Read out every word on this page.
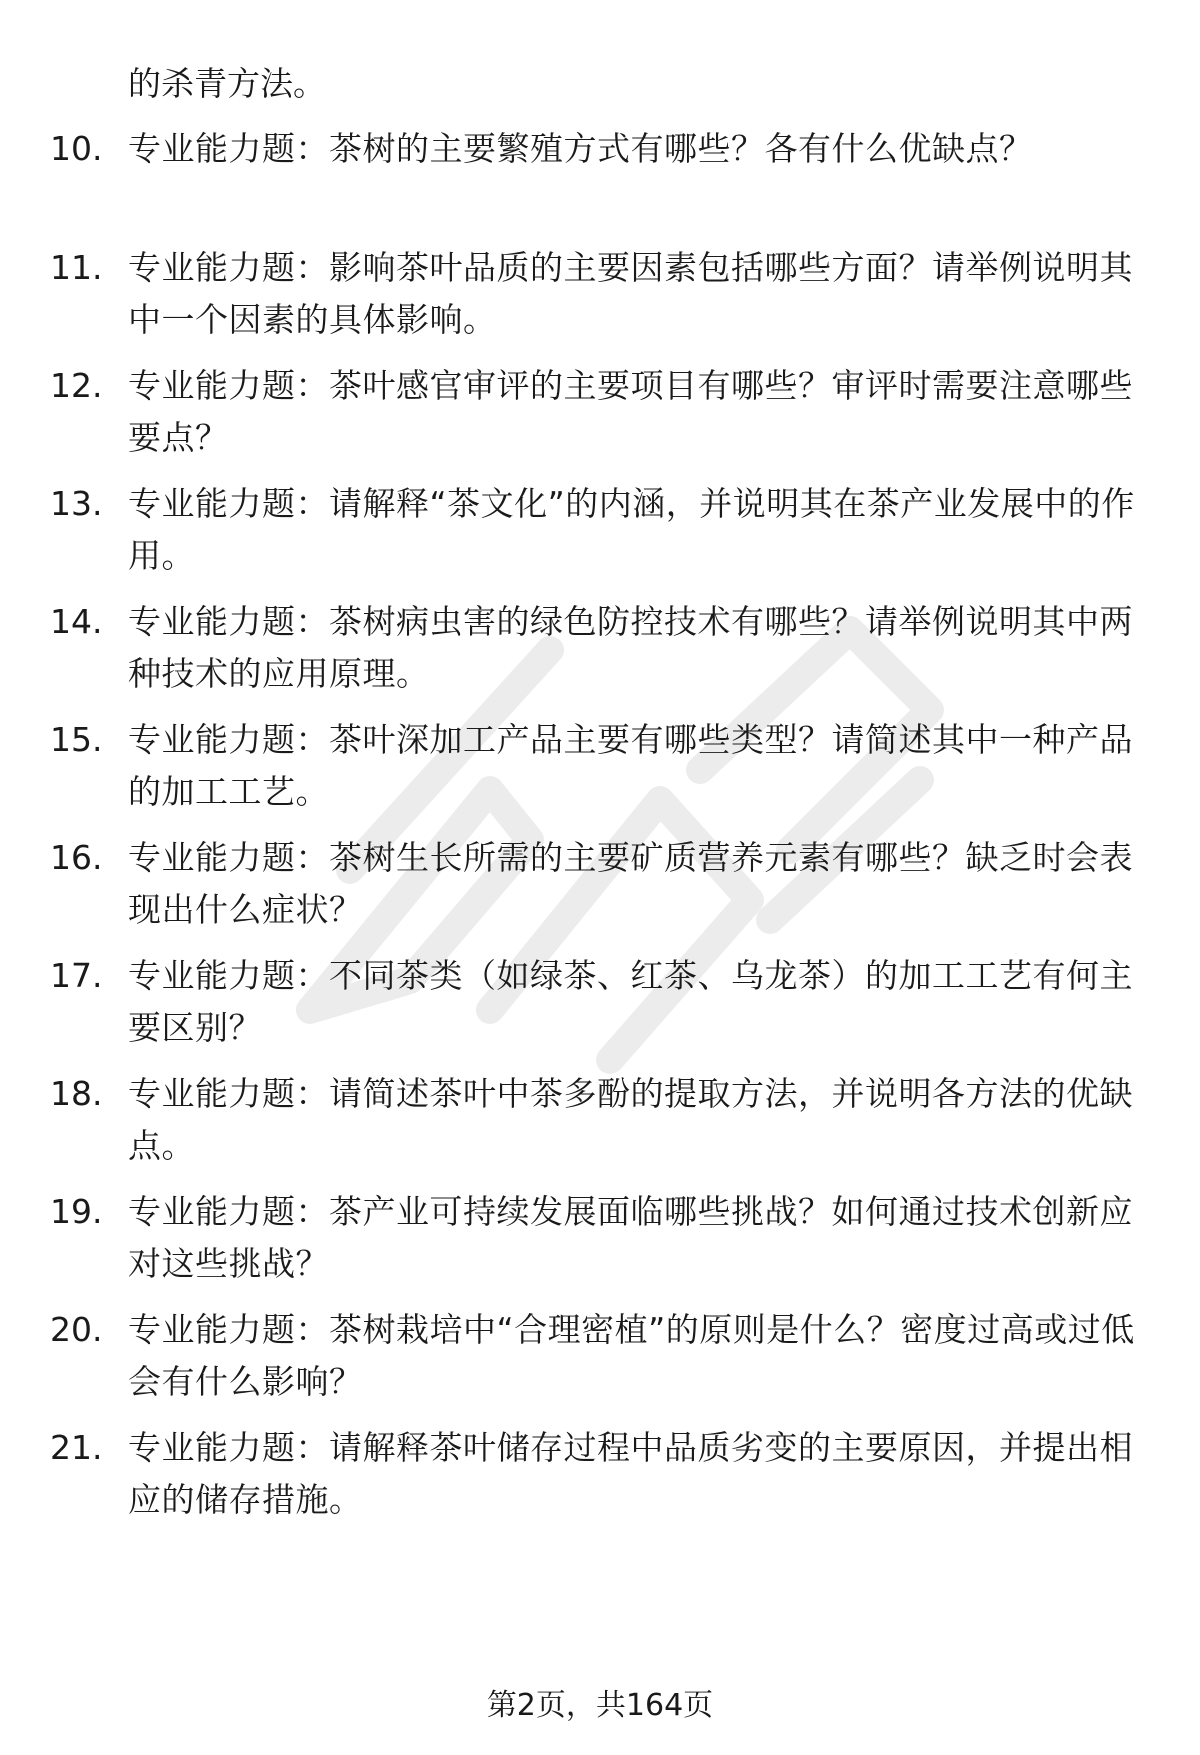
的杀青方法。
10. 专业能力题：茶树的主要繁殖方式有哪些？各有什么优缺点？
11. 专业能力题：影响茶叶品质的主要因素包括哪些方面？请举例说明其中一个因素的具体影响。
12. 专业能力题：茶叶感官审评的主要项目有哪些？审评时需要注意哪些要点？
13. 专业能力题：请解释“茶文化”的内涵，并说明其在茶产业发展中的作用。
14. 专业能力题：茶树病虫害的绿色防控技术有哪些？请举例说明其中两种技术的应用原理。
15. 专业能力题：茶叶深加工产品主要有哪些类型？请简述其中一种产品的加工工艺。
16. 专业能力题：茶树生长所需的主要矿质营养元素有哪些？缺乏时会表现出什么症状？
17. 专业能力题：不同茶类（如绿茶、红茶、乌龙茶）的加工工艺有何主要区别？
18. 专业能力题：请简述茶叶中茶多酚的提取方法，并说明各方法的优缺点。
19. 专业能力题：茶产业可持续发展面临哪些挑战？如何通过技术创新应对这些挑战？
20. 专业能力题：茶树栽培中“合理密植”的原则是什么？密度过高或过低会有什么影响？
21. 专业能力题：请解释茶叶储存过程中品质劣变的主要原因，并提出相应的储存措施。
第2页，共164页
